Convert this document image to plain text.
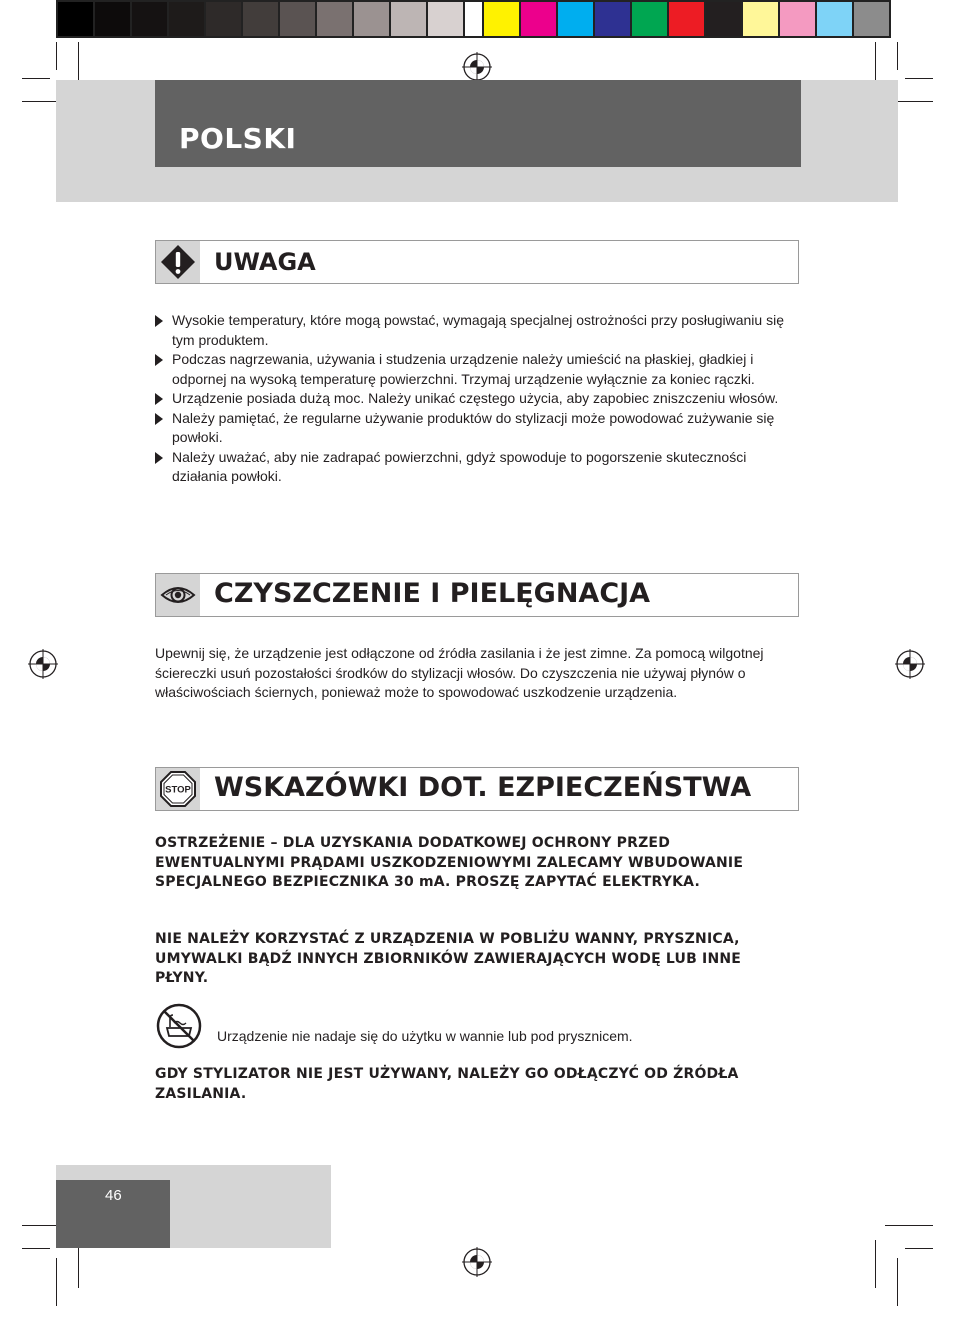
POLSKI
UWAGA
Wysokie temperatury, które mogą powstać, wymagają specjalnej ostrożności przy posługiwaniu się tym produktem.
Podczas nagrzewania, używania i studzenia urządzenie należy umieścić na płaskiej, gładkiej i odpornej na wysoką temperaturę powierzchni. Trzymaj urządzenie wyłącznie za koniec rączki.
Urządzenie posiada dużą moc. Należy unikać częstego użycia, aby zapobiec zniszczeniu włosów.
Należy pamiętać, że regularne używanie produktów do stylizacji może powodować zużywanie się powłoki.
Należy uważać, aby nie zadrapać powierzchni, gdyż spowoduje to pogorszenie skuteczności działania powłoki.
CZYSZCZENIE I PIELĘGNACJA

Upewnij się, że urządzenie jest odłączone od źródła zasilania i że jest zimne. Za pomocą wilgotnej ściereczki usuń pozostałości środków do stylizacji włosów. Do czyszczenia nie używaj płynów o właściwościach ściernych, ponieważ może to spowodować uszkodzenie urządzenia.

STOP WSKAZÓWKI DOT. EZPIECZEŃSTWA

OSTRZEŻENIE – DLA UZYSKANIA DODATKOWEJ OCHRONY PRZED EWENTUALNYMI PRĄDAMI USZKODZENIOWYMI ZALECAMY WBUDOWANIE SPECJALNEGO BEZPIECZNIKA 30 mA. PROSZĘ ZAPYTAĆ ELEKTRYKA.

NIE NALEŻY KORZYSTAĆ Z URZĄDZENIA W POBLIŻU WANNY, PRYSZNICA, UMYWALKI BĄDŹ INNYCH ZBIORNIKÓW ZAWIERAJĄCYCH WODĘ LUB INNE PŁYNY.

Urządzenie nie nadaje się do użytku w wannie lub pod prysznicem.

GDY STYLIZATOR NIE JEST UŻYWANY, NALEŻY GO ODŁĄCZYĆ OD ŹRÓDŁA ZASILANIA.

46
